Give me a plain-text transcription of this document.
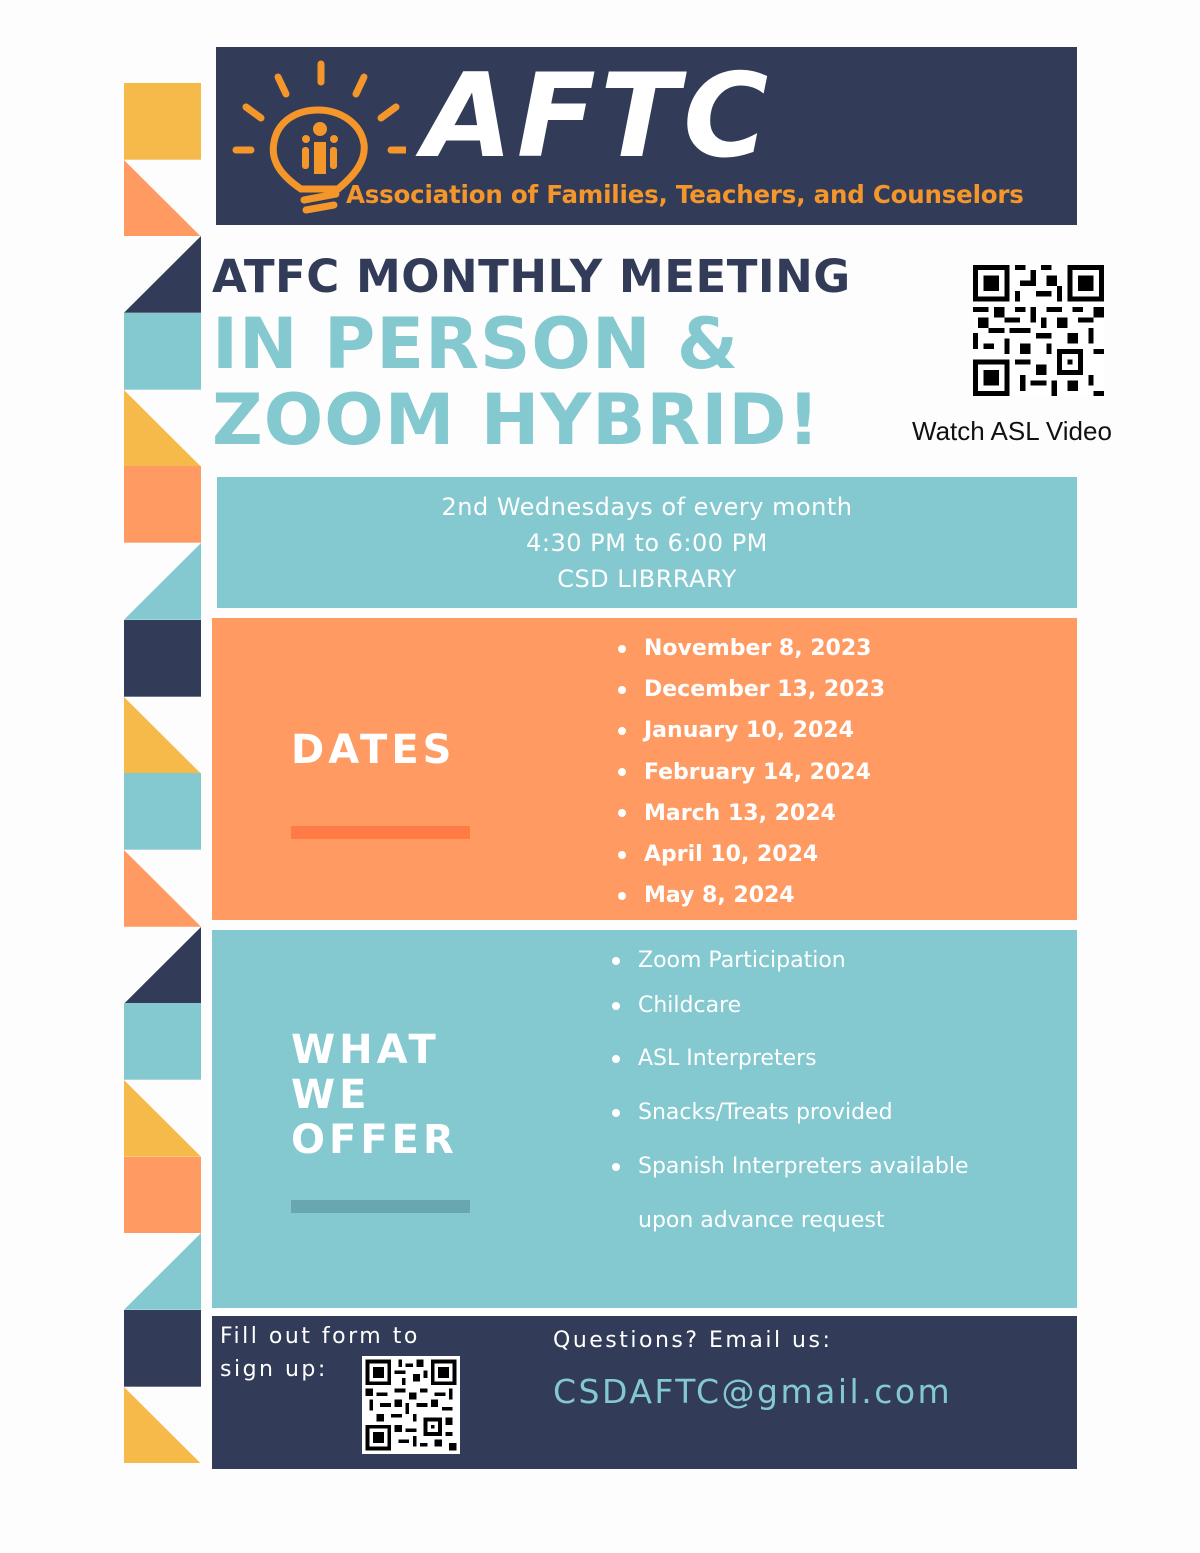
AFTC
Association of Families, Teachers, and Counselors
ATFC MONTHLY MEETING
IN PERSON &
ZOOM HYBRID!	Watch ASL Video
2nd Wednesdays of every month
4:30 PM to 6:00 PM
CSD LIBRRARY
DATES
November 8, 2023
December 13, 2023
January 10, 2024
February 14, 2024
March 13, 2024
April 10, 2024
May 8, 2024
WHAT
WE
OFFER
Zoom Participation
Childcare
ASL Interpreters
Snacks/Treats provided
Spanish Interpreters available
upon advance request
Fill out form to
sign up:
Questions? Email us:
CSDAFTC@gmail.com
